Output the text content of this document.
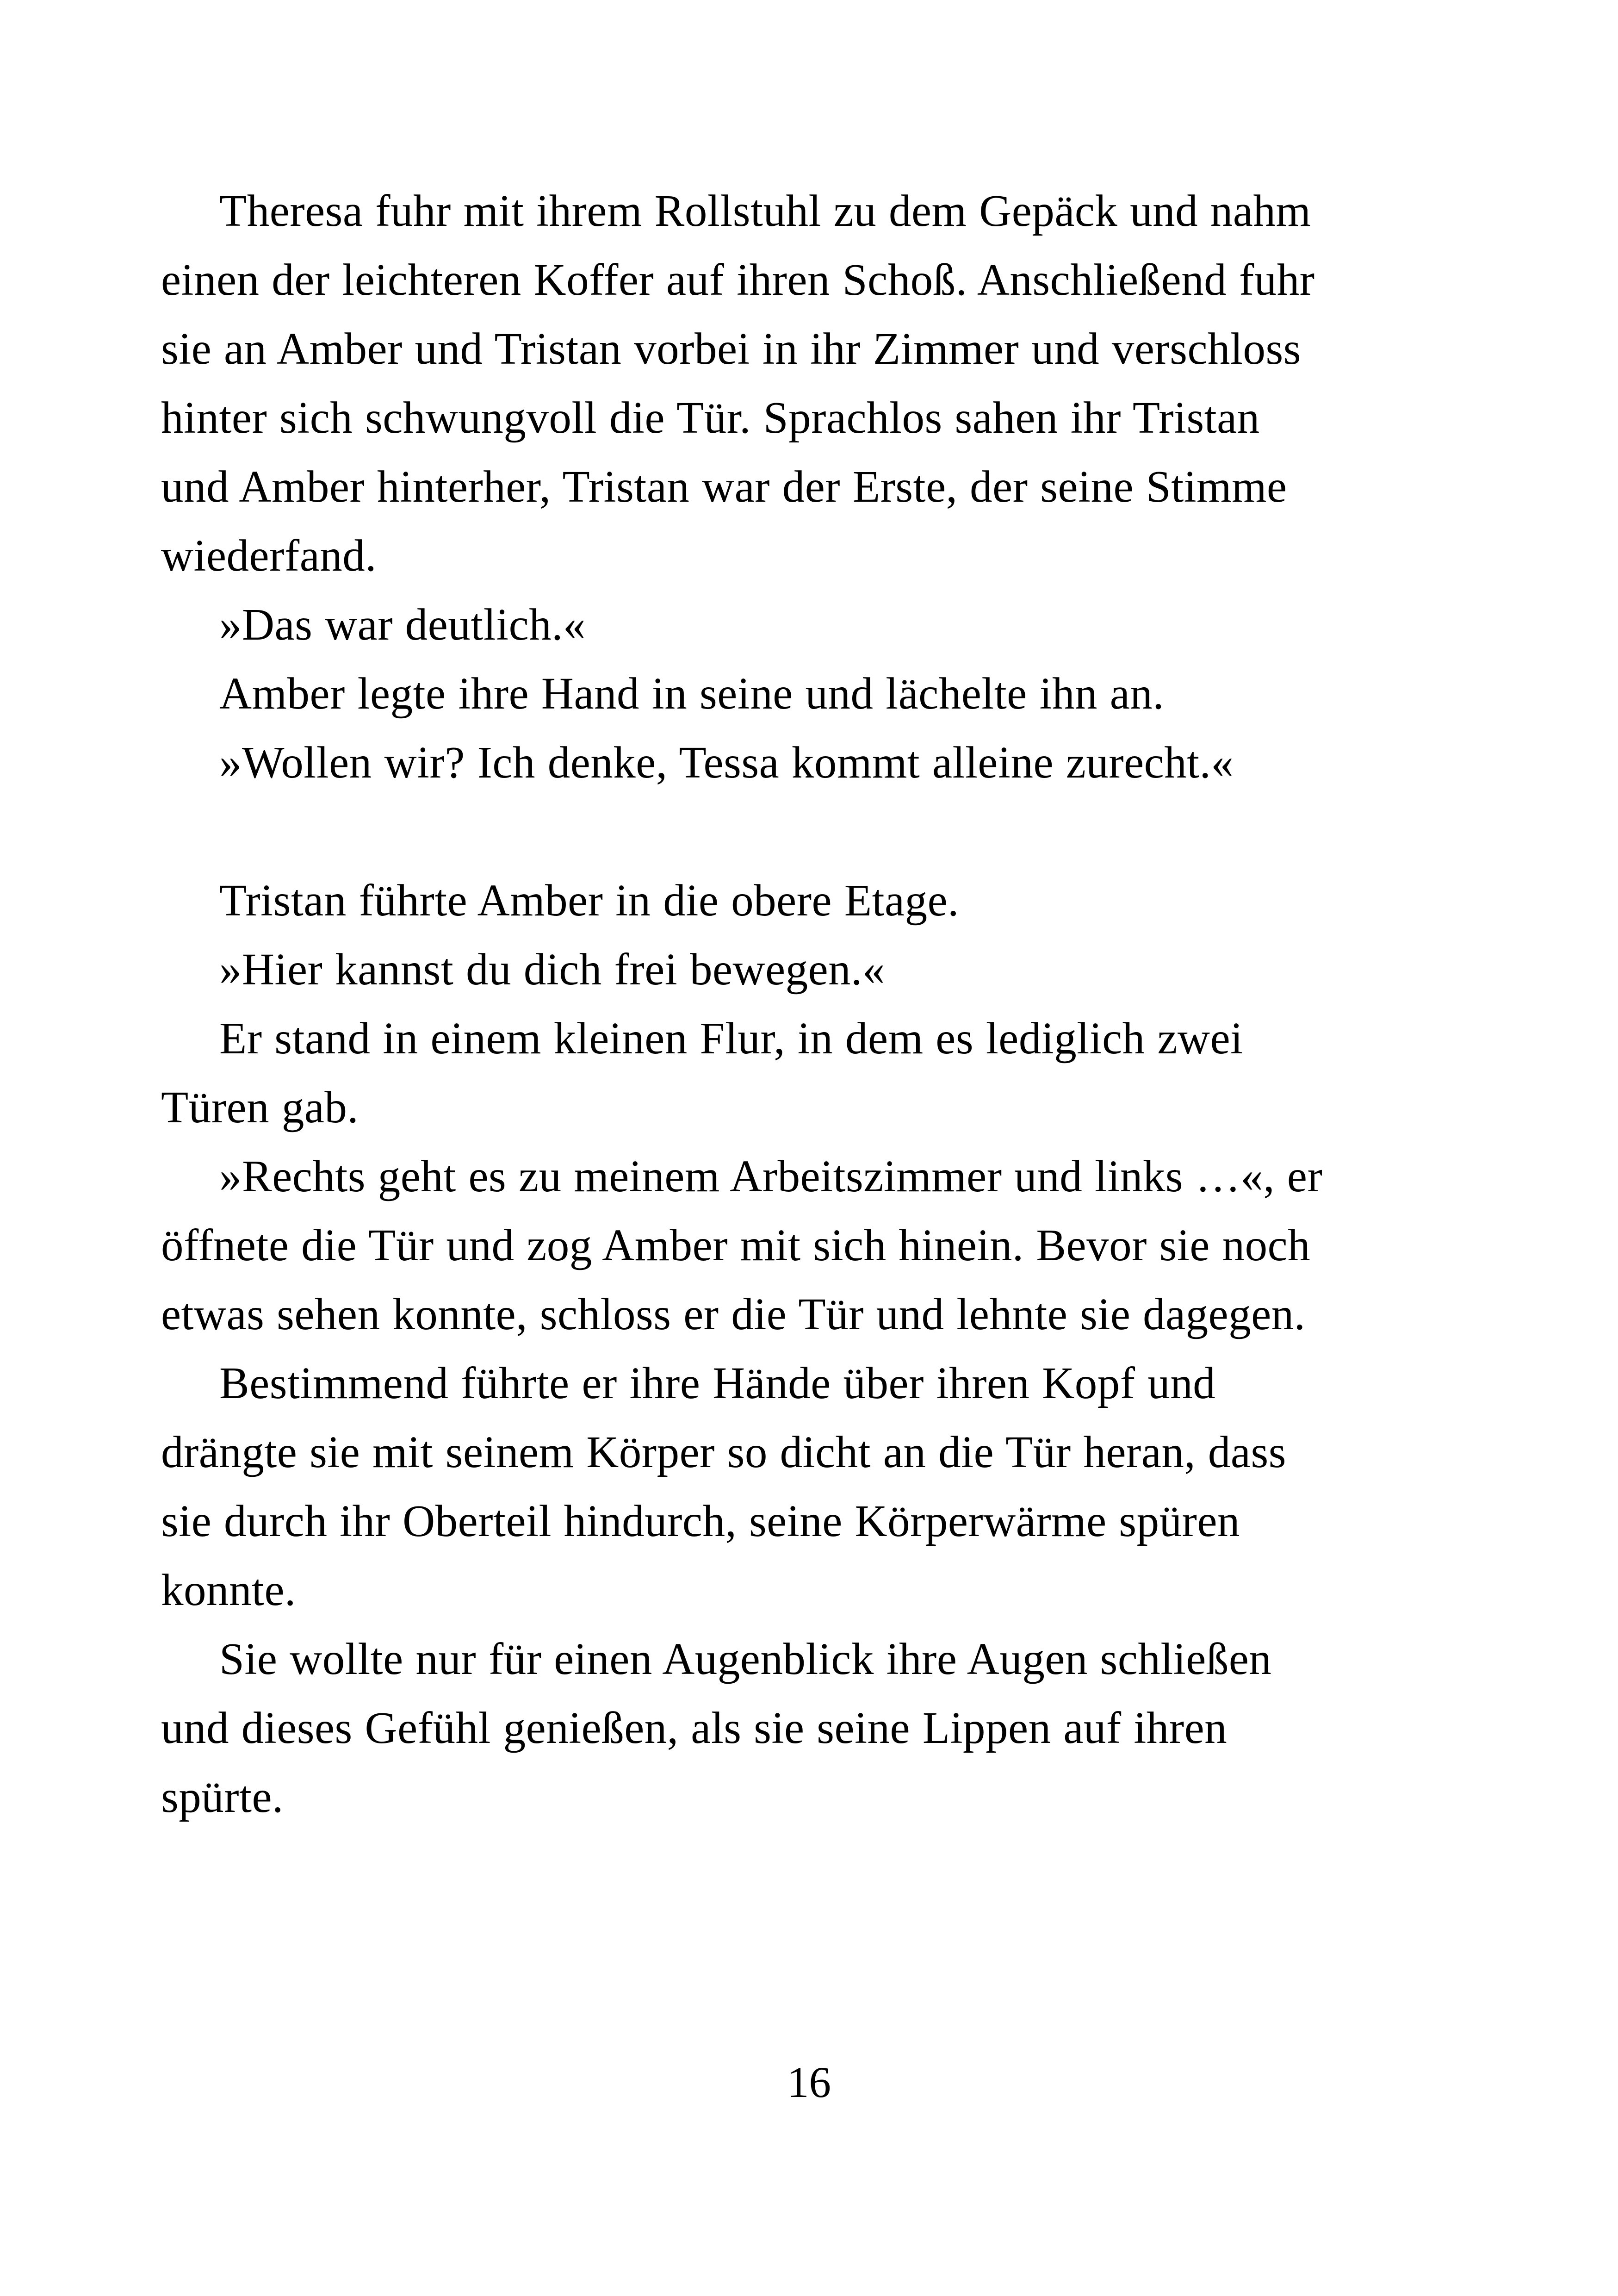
Theresa fuhr mit ihrem Rollstuhl zu dem Gepäck und nahm
einen der leichteren Koffer auf ihren Schoß. Anschließend fuhr
sie an Amber und Tristan vorbei in ihr Zimmer und verschloss
hinter sich schwungvoll die Tür. Sprachlos sahen ihr Tristan
und Amber hinterher, Tristan war der Erste, der seine Stimme
wiederfand.

»Das war deutlich.«

Amber legte ihre Hand in seine und lächelte ihn an.

»Wollen wir? Ich denke, Tessa kommt alleine zurecht.«

Tristan führte Amber in die obere Etage.

»Hier kannst du dich frei bewegen.«

Er stand in einem kleinen Flur, in dem es lediglich zwei
Türen gab.

»Rechts geht es zu meinem Arbeitszimmer und links …«, er
öffnete die Tür und zog Amber mit sich hinein. Bevor sie noch
etwas sehen konnte, schloss er die Tür und lehnte sie dagegen.

Bestimmend führte er ihre Hände über ihren Kopf und
drängte sie mit seinem Körper so dicht an die Tür heran, dass
sie durch ihr Oberteil hindurch, seine Körperwärme spüren
konnte.

Sie wollte nur für einen Augenblick ihre Augen schließen
und dieses Gefühl genießen, als sie seine Lippen auf ihren
spürte.

16
